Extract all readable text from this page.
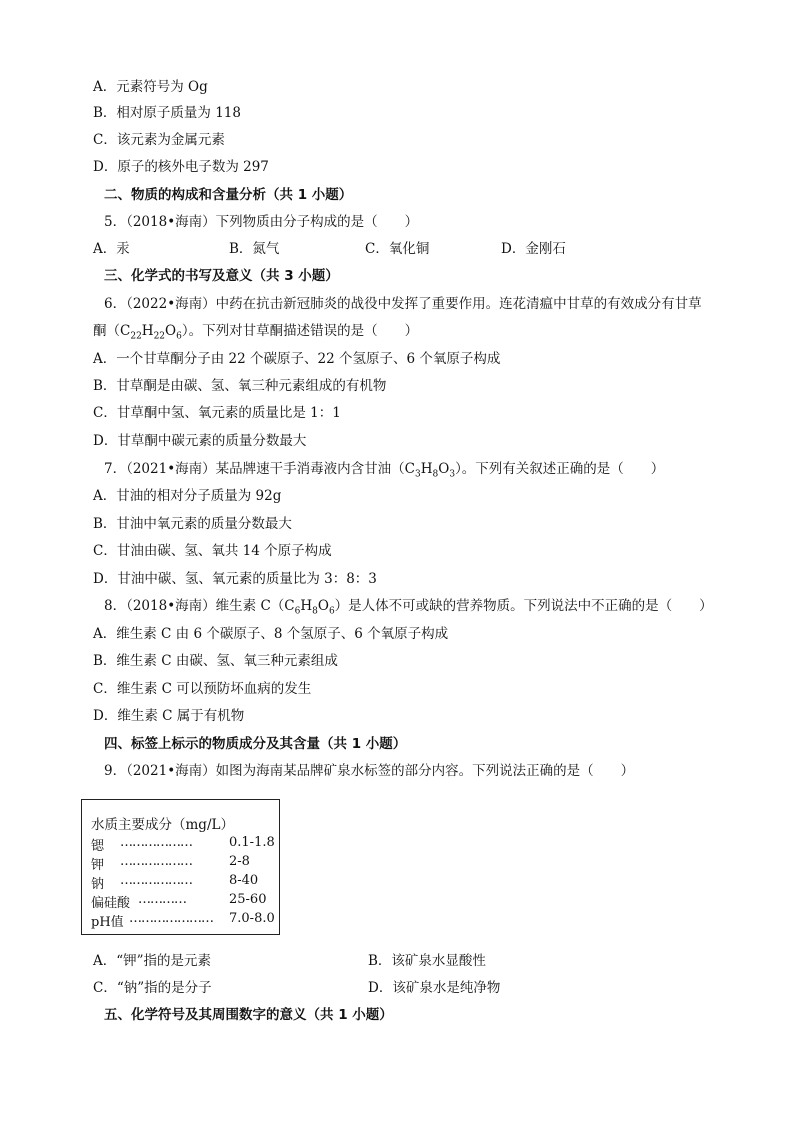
A．元素符号为 Og
B．相对原子质量为 118
C．该元素为金属元素
D．原子的核外电子数为 297
二、物质的构成和含量分析（共 1 小题）
5．（2018•海南）下列物质由分子构成的是（　　）
A．汞	B．氮气	C．氧化铜	D．金刚石
三、化学式的书写及意义（共 3 小题）
6．（2022•海南）中药在抗击新冠肺炎的战役中发挥了重要作用。连花清瘟中甘草的有效成分有甘草
酮$(C_{22}H_{22}O_6)$。下列对甘草酮描述错误的是（　　）
A．一个甘草酮分子由 22 个碳原子、22 个氢原子、6 个氧原子构成
B．甘草酮是由碳、氢、氧三种元素组成的有机物
C．甘草酮中氢、氧元素的质量比是 1：1
D．甘草酮中碳元素的质量分数最大
7．（2021•海南）某品牌速干手消毒液内含甘油$(C_3H_8O_3)$。下列有关叙述正确的是（　　）
A．甘油的相对分子质量为 92g
B．甘油中氧元素的质量分数最大
C．甘油由碳、氢、氧共 14 个原子构成
D．甘油中碳、氢、氧元素的质量比为 3：8：3
8．（2018•海南）维生素 $C(C_6H_8O_6)$是人体不可或缺的营养物质。下列说法中不正确的是（　　）
A．维生素 C 由 6 个碳原子、8 个氢原子、6 个氧原子构成
B．维生素 C 由碳、氢、氧三种元素组成
C．维生素 C 可以预防坏血病的发生
D．维生素 C 属于有机物
四、标签上标示的物质成分及其含量（共 1 小题）
9．（2021•海南）如图为海南某品牌矿泉水标签的部分内容。下列说法正确的是（　　）
水质主要成分（mg/L）
锶 ………………	0.1-1.8
钾 ………………	2-8
钠 ………………	8-40
偏硅酸 …………	25-60
pH值 ………………… 7.0-8.0
A．“钾”指的是元素	B．该矿泉水显酸性
C．“钠”指的是分子	D．该矿泉水是纯净物
五、化学符号及其周围数字的意义（共 1 小题）
